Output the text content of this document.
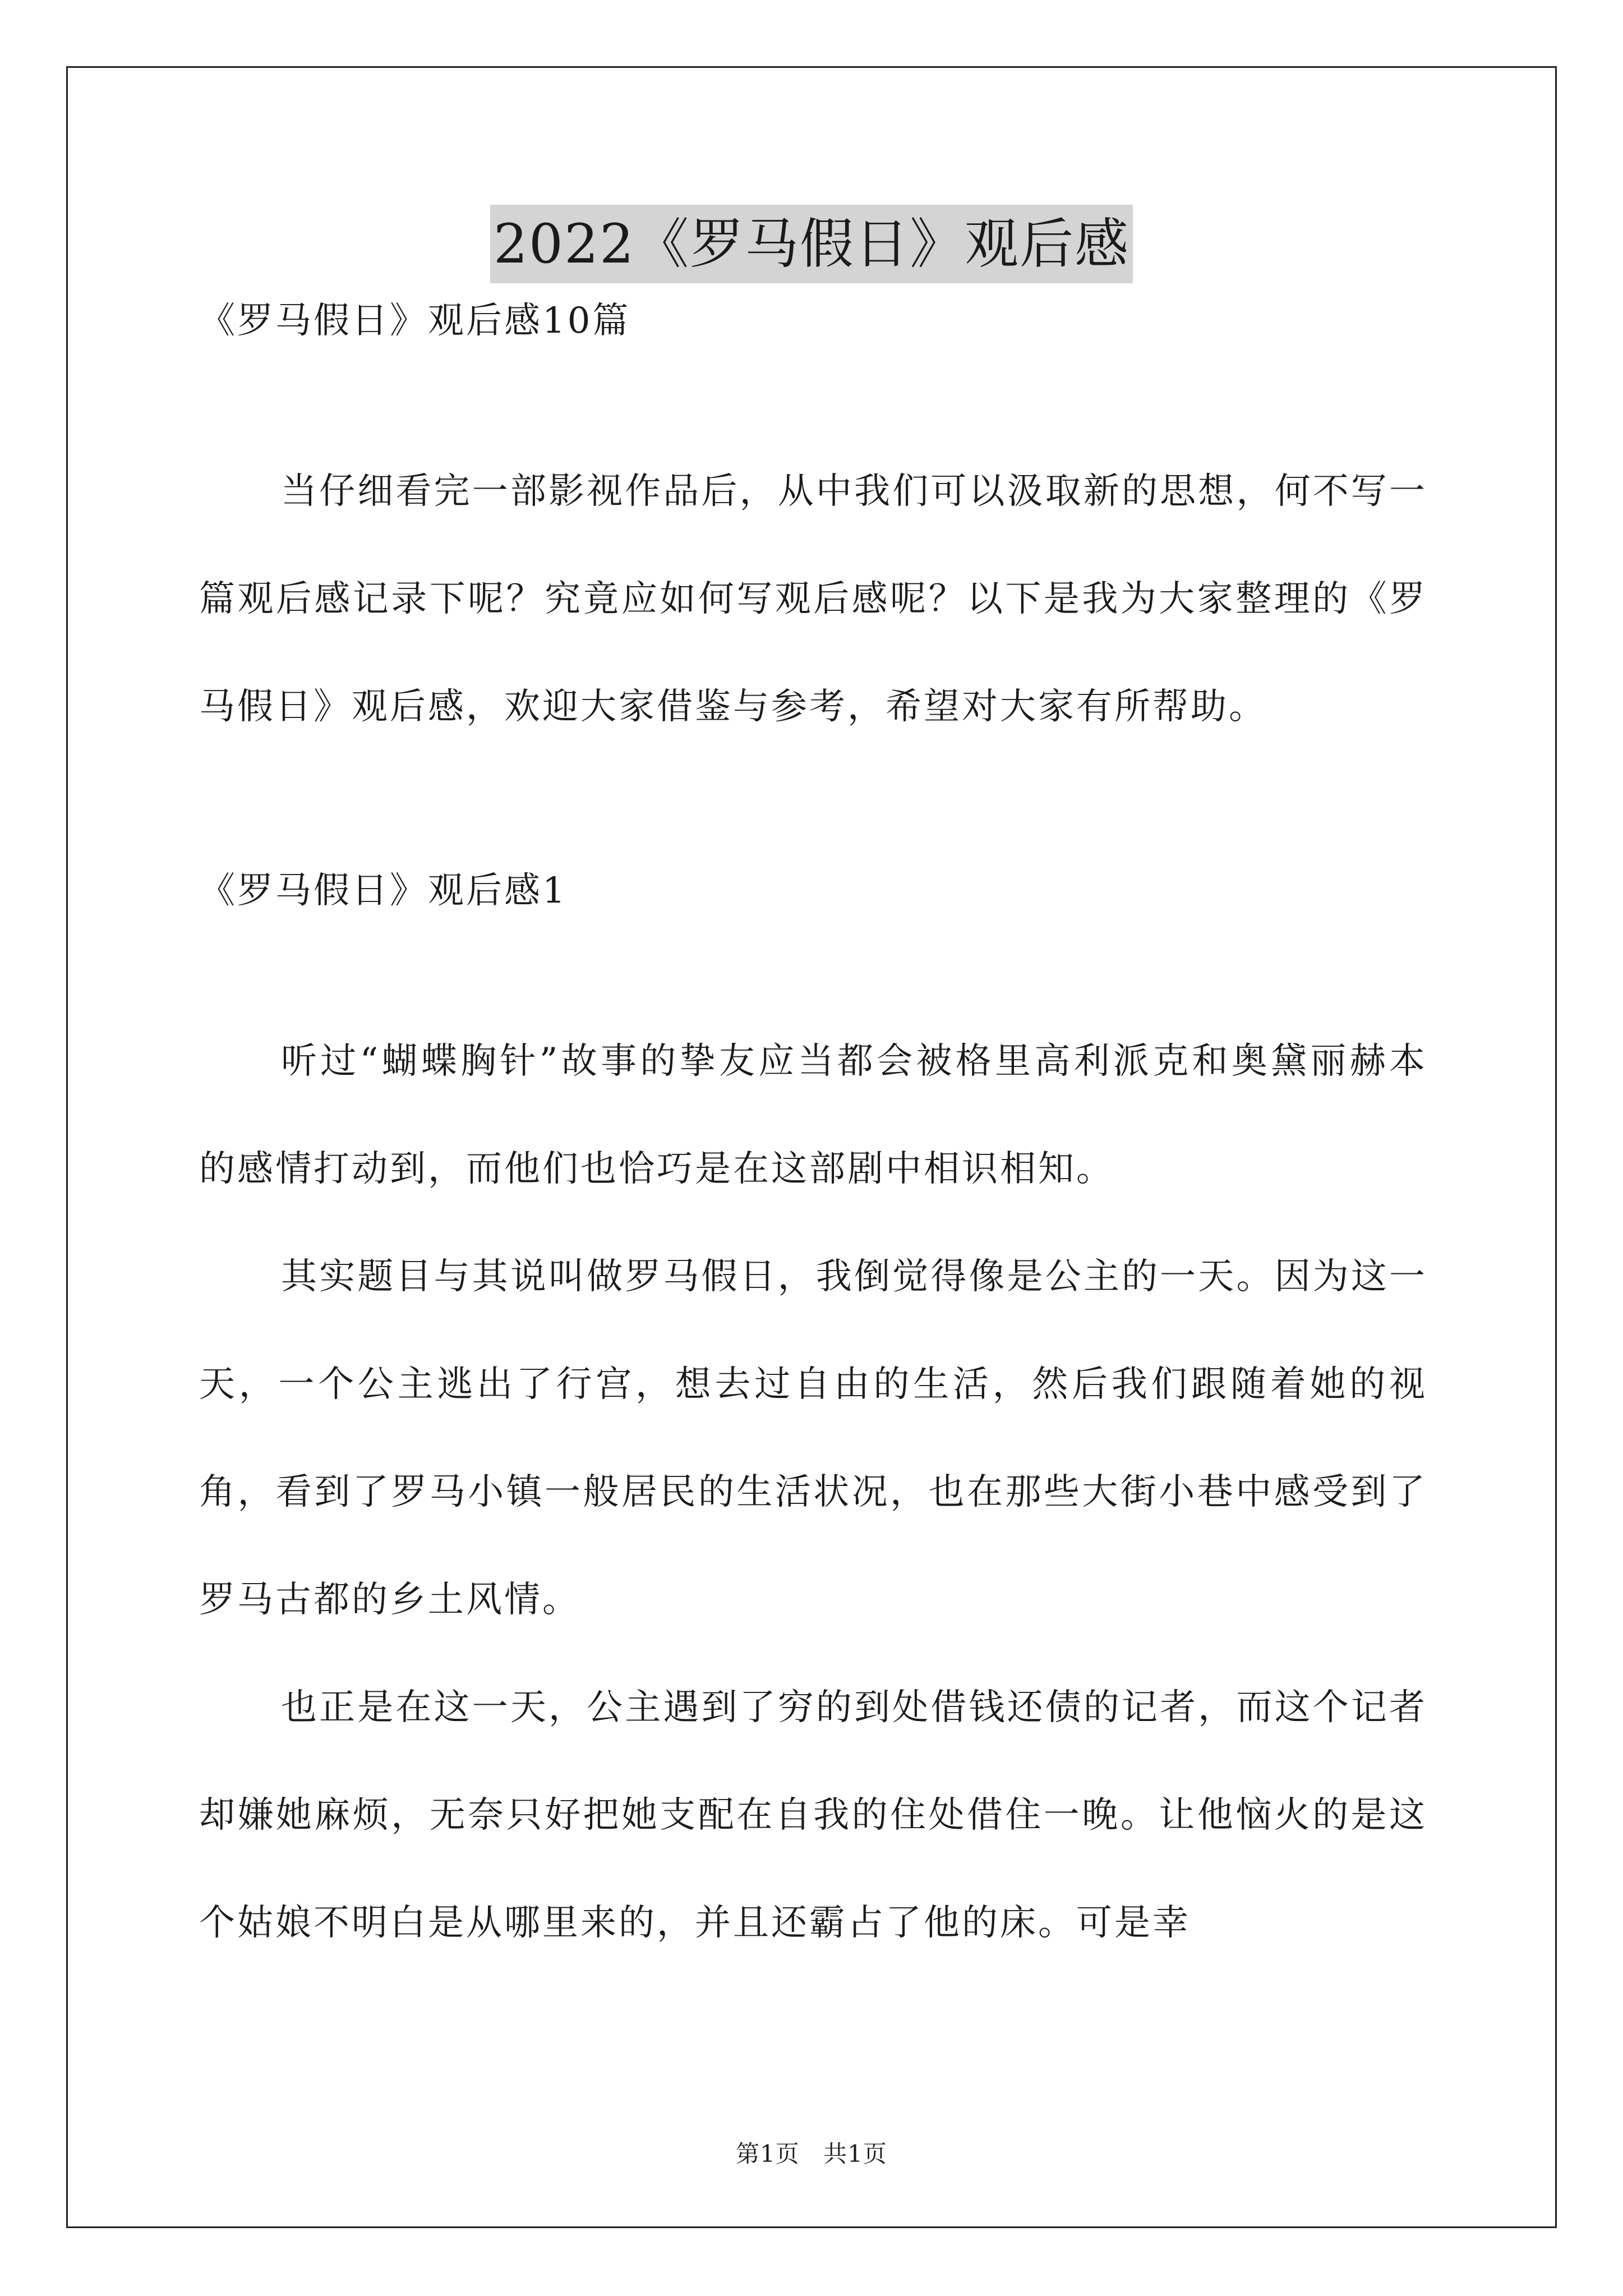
2022《罗马假日》观后感
《罗马假日》观后感10篇

当仔细看完一部影视作品后，从中我们可以汲取新的思想，何不写一篇观后感记录下呢？究竟应如何写观后感呢？以下是我为大家整理的《罗马假日》观后感，欢迎大家借鉴与参考，希望对大家有所帮助。

《罗马假日》观后感1

听过“蝴蝶胸针”故事的挚友应当都会被格里高利派克和奥黛丽赫本的感情打动到，而他们也恰巧是在这部剧中相识相知。

其实题目与其说叫做罗马假日，我倒觉得像是公主的一天。因为这一天，一个公主逃出了行宫，想去过自由的生活，然后我们跟随着她的视角，看到了罗马小镇一般居民的生活状况，也在那些大街小巷中感受到了罗马古都的乡土风情。

也正是在这一天，公主遇到了穷的到处借钱还债的记者，而这个记者却嫌她麻烦，无奈只好把她支配在自我的住处借住一晚。让他恼火的是这个姑娘不明白是从哪里来的，并且还霸占了他的床。可是幸

第1页 共1页
